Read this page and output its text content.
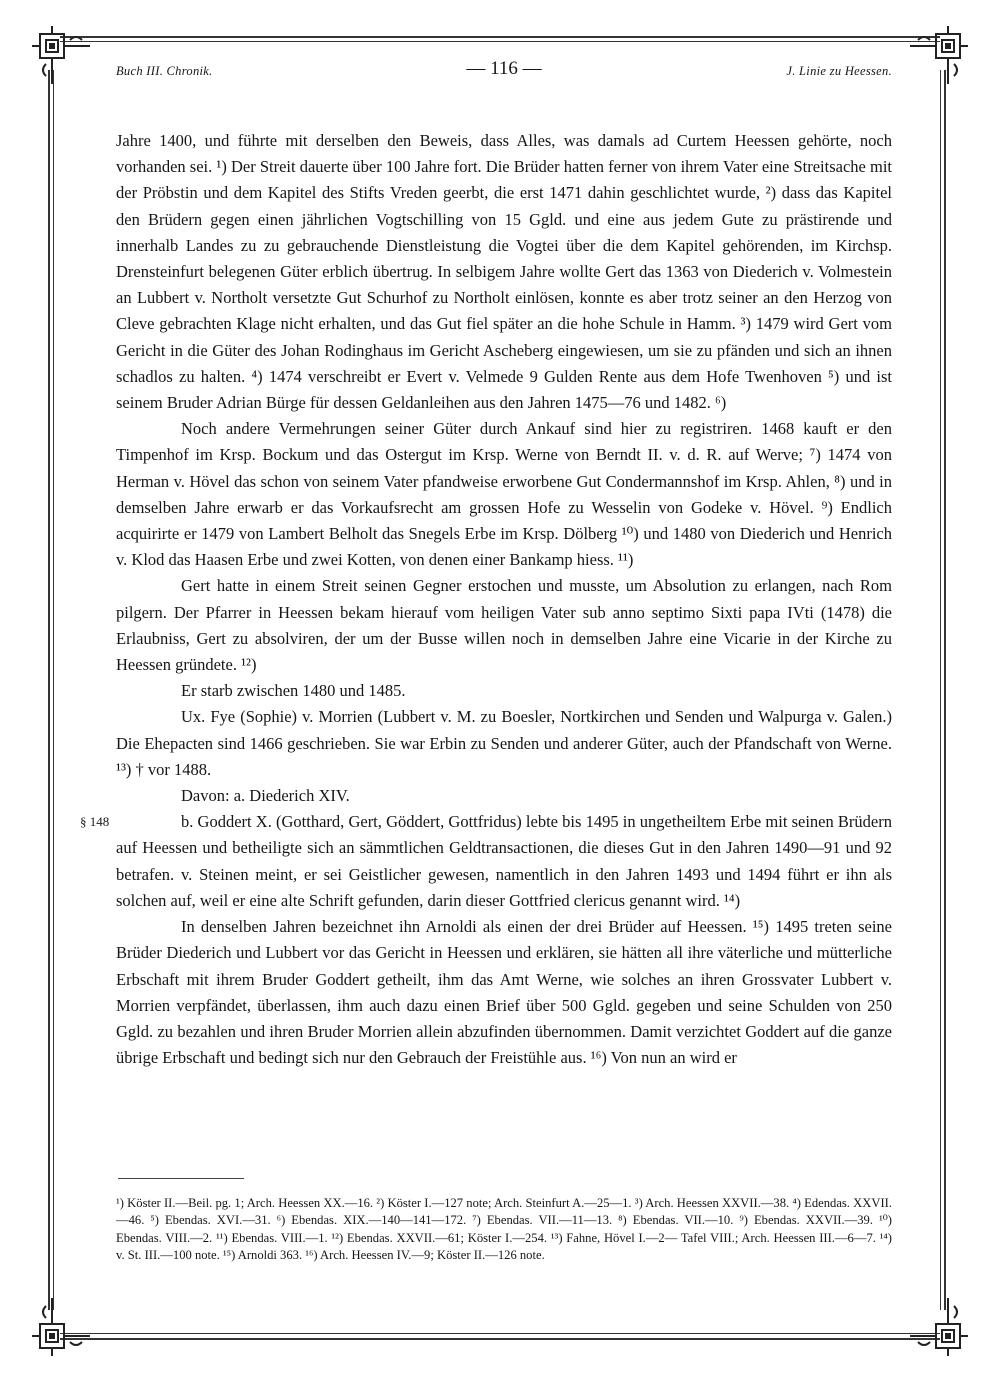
Buch III. Chronik.	— 116 —	J. Linie zu Heessen.

Jahre 1400, und führte mit derselben den Beweis, dass Alles, was damals ad Curtem Heessen gehörte, noch vorhanden sei. ¹) Der Streit dauerte über 100 Jahre fort. Die Brüder hatten ferner von ihrem Vater eine Streitsache mit der Pröbstin und dem Kapitel des Stifts Vreden geerbt, die erst 1471 dahin geschlichtet wurde, ²) dass das Kapitel den Brüdern gegen einen jährlichen Vogtschilling von 15 Ggld. und eine aus jedem Gute zu prästirende und innerhalb Landes zu zu gebrauchende Dienstleistung die Vogtei über die dem Kapitel gehörenden, im Kirchsp. Drensteinfurt belegenen Güter erblich übertrug. In selbigem Jahre wollte Gert das 1363 von Diederich v. Volmestein an Lubbert v. Northolt versetzte Gut Schurhof zu Northolt einlösen, konnte es aber trotz seiner an den Herzog von Cleve gebrachten Klage nicht erhalten, und das Gut fiel später an die hohe Schule in Hamm. ³) 1479 wird Gert vom Gericht in die Güter des Johan Rodinghaus im Gericht Ascheberg eingewiesen, um sie zu pfänden und sich an ihnen schadlos zu halten. ⁴) 1474 verschreibt er Evert v. Velmede 9 Gulden Rente aus dem Hofe Twenhoven ⁵) und ist seinem Bruder Adrian Bürge für dessen Geldanleihen aus den Jahren 1475—76 und 1482. ⁶)

Noch andere Vermehrungen seiner Güter durch Ankauf sind hier zu registriren. 1468 kauft er den Timpenhof im Krsp. Bockum und das Ostergut im Krsp. Werne von Berndt II. v. d. R. auf Werve; ⁷) 1474 von Herman v. Hövel das schon von seinem Vater pfandweise erworbene Gut Condermannshof im Krsp. Ahlen, ⁸) und in demselben Jahre erwarb er das Vorkaufsrecht am grossen Hofe zu Wesselin von Godeke v. Hövel. ⁹) Endlich acquirirte er 1479 von Lambert Belholt das Snegels Erbe im Krsp. Dölberg ¹⁰) und 1480 von Diederich und Henrich v. Klod das Haasen Erbe und zwei Kotten, von denen einer Bankamp hiess. ¹¹)

Gert hatte in einem Streit seinen Gegner erstochen und musste, um Absolution zu erlangen, nach Rom pilgern. Der Pfarrer in Heessen bekam hierauf vom heiligen Vater sub anno septimo Sixti papa IVti (1478) die Erlaubniss, Gert zu absolviren, der um der Busse willen noch in demselben Jahre eine Vicarie in der Kirche zu Heessen gründete. ¹²)

Er starb zwischen 1480 und 1485.

Ux. Fye (Sophie) v. Morrien (Lubbert v. M. zu Boesler, Nortkirchen und Senden und Walpurga v. Galen.) Die Ehepacten sind 1466 geschrieben. Sie war Erbin zu Senden und anderer Güter, auch der Pfandschaft von Werne. ¹³) † vor 1488.

Davon: a. Diederich XIV.

§ 148	b. Goddert X. (Gotthard, Gert, Göddert, Gottfridus) lebte bis 1495 in ungetheiltem Erbe mit seinen Brüdern auf Heessen und betheiligte sich an sämmtlichen Geldtransactionen, die dieses Gut in den Jahren 1490—91 und 92 betrafen. v. Steinen meint, er sei Geistlicher gewesen, namentlich in den Jahren 1493 und 1494 führt er ihn als solchen auf, weil er eine alte Schrift gefunden, darin dieser Gottfried clericus genannt wird. ¹⁴)

In denselben Jahren bezeichnet ihn Arnoldi als einen der drei Brüder auf Heessen. ¹⁵) 1495 treten seine Brüder Diederich und Lubbert vor das Gericht in Heessen und erklären, sie hätten all ihre väterliche und mütterliche Erbschaft mit ihrem Bruder Goddert getheilt, ihm das Amt Werne, wie solches an ihren Grossvater Lubbert v. Morrien verpfändet, überlassen, ihm auch dazu einen Brief über 500 Ggld. gegeben und seine Schulden von 250 Ggld. zu bezahlen und ihren Bruder Morrien allein abzufinden übernommen. Damit verzichtet Goddert auf die ganze übrige Erbschaft und bedingt sich nur den Gebrauch der Freistühle aus. ¹⁶) Von nun an wird er

¹) Köster II.—Beil. pg. 1; Arch. Heessen XX.—16. ²) Köster I.—127 note; Arch. Steinfurt A.—25—1. ³) Arch. Heessen XXVII.—38. ⁴) Edendas. XXVII.—46. ⁵) Ebendas. XVI.—31. ⁶) Ebendas. XIX.—140—141—172. ⁷) Ebendas. VII.—11—13. ⁸) Ebendas. VII.—10. ⁹) Ebendas. XXVII.—39. ¹⁰) Ebendas. VIII.—2. ¹¹) Ebendas. VIII.—1. ¹²) Ebendas. XXVII.—61; Köster I.—254. ¹³) Fahne, Hövel I.—2— Tafel VIII.; Arch. Heessen III.—6—7. ¹⁴) v. St. III.—100 note. ¹⁵) Arnoldi 363. ¹⁶) Arch. Heessen IV.—9; Köster II.—126 note.
